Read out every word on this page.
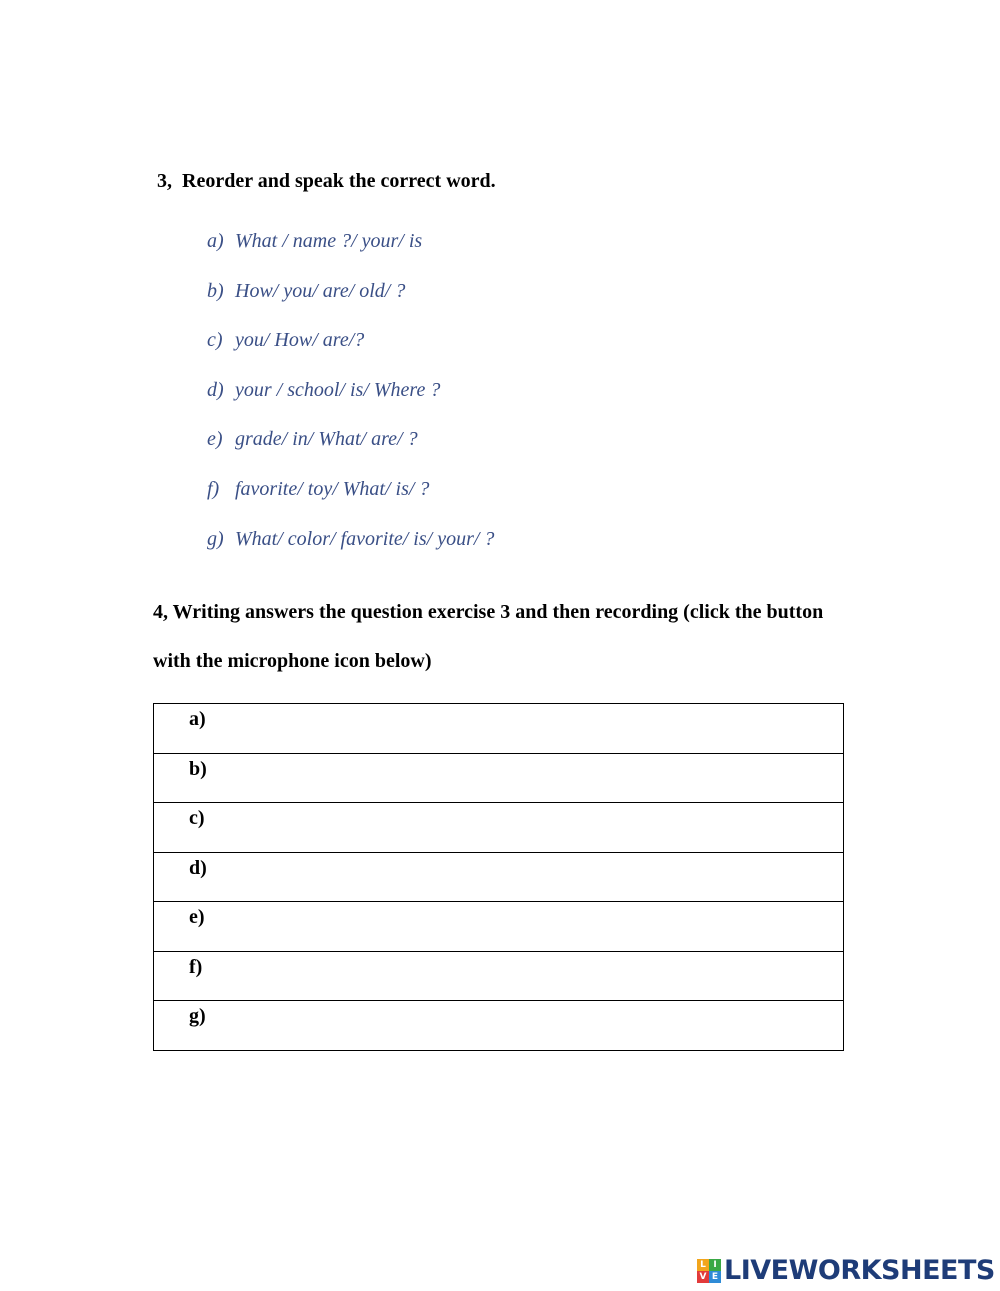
3,  Reorder and speak the correct word.
a) What / name ?/ your/ is
b) How/ you/ are/ old/ ?
c) you/ How/ are/?
d) your / school/ is/ Where ?
e) grade/ in/ What/ are/ ?
f) favorite/ toy/ What/ is/ ?
g) What/ color/ favorite/ is/ your/ ?

4, Writing answers the question exercise 3 and then recording (click the button with the microphone icon below)

a)

b)

c)

d)

e)

f)

g)
L I
V E LIVEWORKSHEETS
